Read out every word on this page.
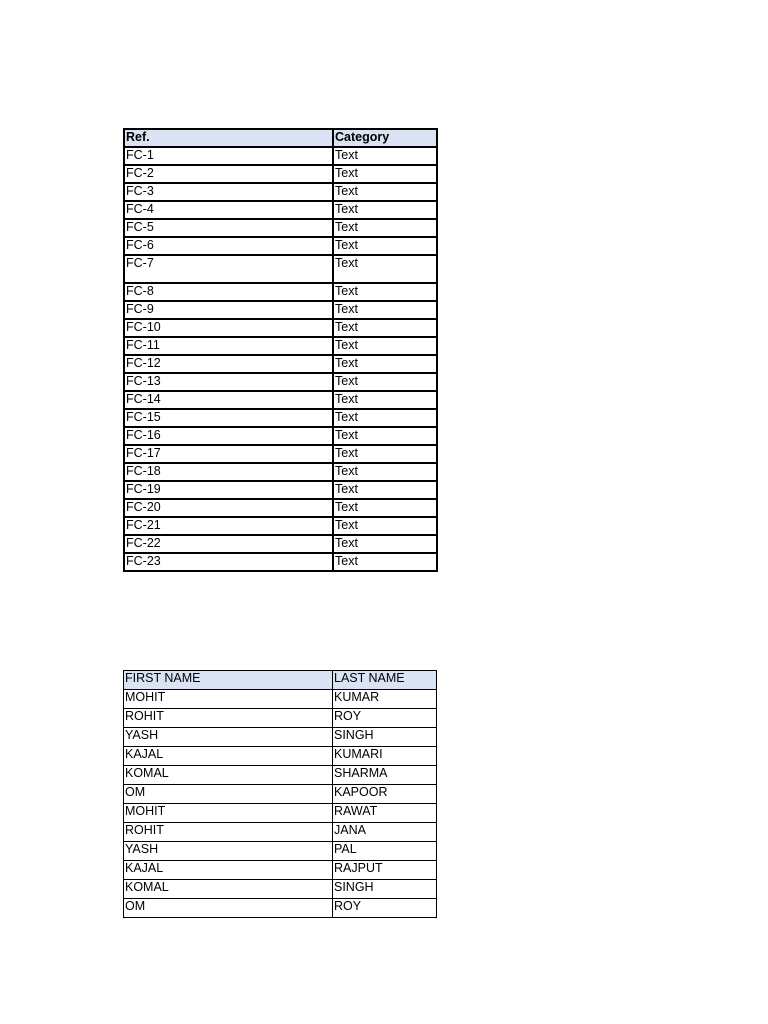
Ref.	Category
FC-1	Text
FC-2	Text
FC-3	Text
FC-4	Text
FC-5	Text
FC-6	Text
FC-7	Text
FC-8	Text
FC-9	Text
FC-10	Text
FC-11	Text
FC-12	Text
FC-13	Text
FC-14	Text
FC-15	Text
FC-16	Text
FC-17	Text
FC-18	Text
FC-19	Text
FC-20	Text
FC-21	Text
FC-22	Text
FC-23	Text
FIRST NAME	LAST NAME
MOHIT	KUMAR
ROHIT	ROY
YASH	SINGH
KAJAL	KUMARI
KOMAL	SHARMA
OM	KAPOOR
MOHIT	RAWAT
ROHIT	JANA
YASH	PAL
KAJAL	RAJPUT
KOMAL	SINGH
OM	ROY
